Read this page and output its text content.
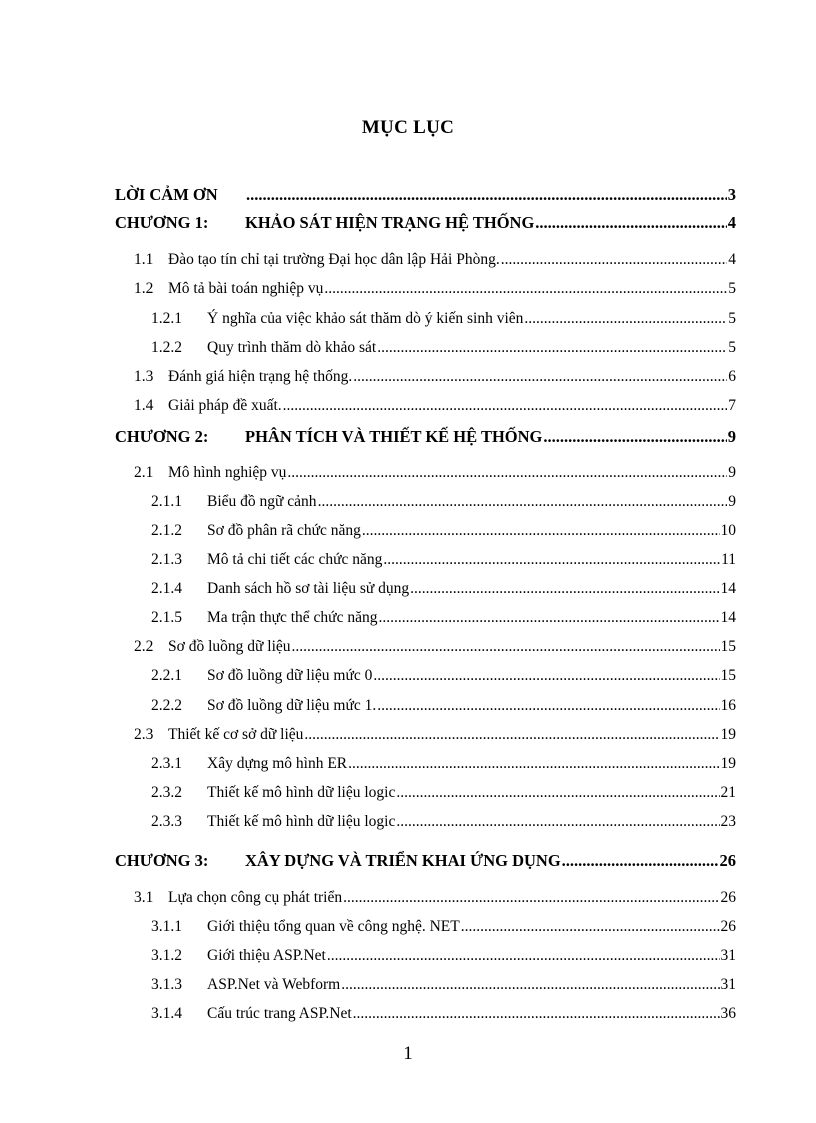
MỤC LỤC
LỜI CẢM ƠN .....	3
CHƯƠNG 1:	KHẢO SÁT HIỆN TRẠNG HỆ THỐNG .....	4
1.1 Đào tạo tín chỉ tại trường Đại học dân lập Hải Phòng. .....	4
1.2 Mô tả bài toán nghiệp vụ .....	5
1.2.1	Ý nghĩa của việc khảo sát thăm dò ý kiến sinh viên .....	5
1.2.2	Quy trình thăm dò khảo sát .....	5
1.3 Đánh giá hiện trạng hệ thống. .....	6
1.4 Giải pháp đề xuất. .....	7
CHƯƠNG 2:	PHÂN TÍCH VÀ THIẾT KẾ HỆ THỐNG .....	9
2.1 Mô hình nghiệp vụ .....	9
2.1.1	Biểu đồ ngữ cảnh .....	9
2.1.2	Sơ đồ phân rã chức năng .....	10
2.1.3	Mô tả chi tiết các chức năng .....	11
2.1.4	Danh sách hồ sơ tài liệu sử dụng .....	14
2.1.5	Ma trận thực thể chức năng .....	14
2.2 Sơ đồ luồng dữ liệu .....	15
2.2.1	Sơ đồ luồng dữ liệu mức 0 .....	15
2.2.2	Sơ đồ luồng dữ liệu mức 1. .....	16
2.3 Thiết kế cơ sở dữ liệu .....	19
2.3.1	Xây dựng mô hình ER .....	19
2.3.2	Thiết kế mô hình dữ liệu logic .....	21
2.3.3	Thiết kế mô hình dữ liệu logic .....	23
CHƯƠNG 3:	XÂY DỰNG VÀ TRIỂN KHAI ỨNG DỤNG .....	26
3.1 Lựa chọn công cụ phát triển .....	26
3.1.1	Giới thiệu tổng quan về công nghệ. NET .....	26
3.1.2	Giới thiệu ASP.Net .....	31
3.1.3	ASP.Net và Webform .....	31
3.1.4	Cấu trúc trang ASP.Net .....	36
1
